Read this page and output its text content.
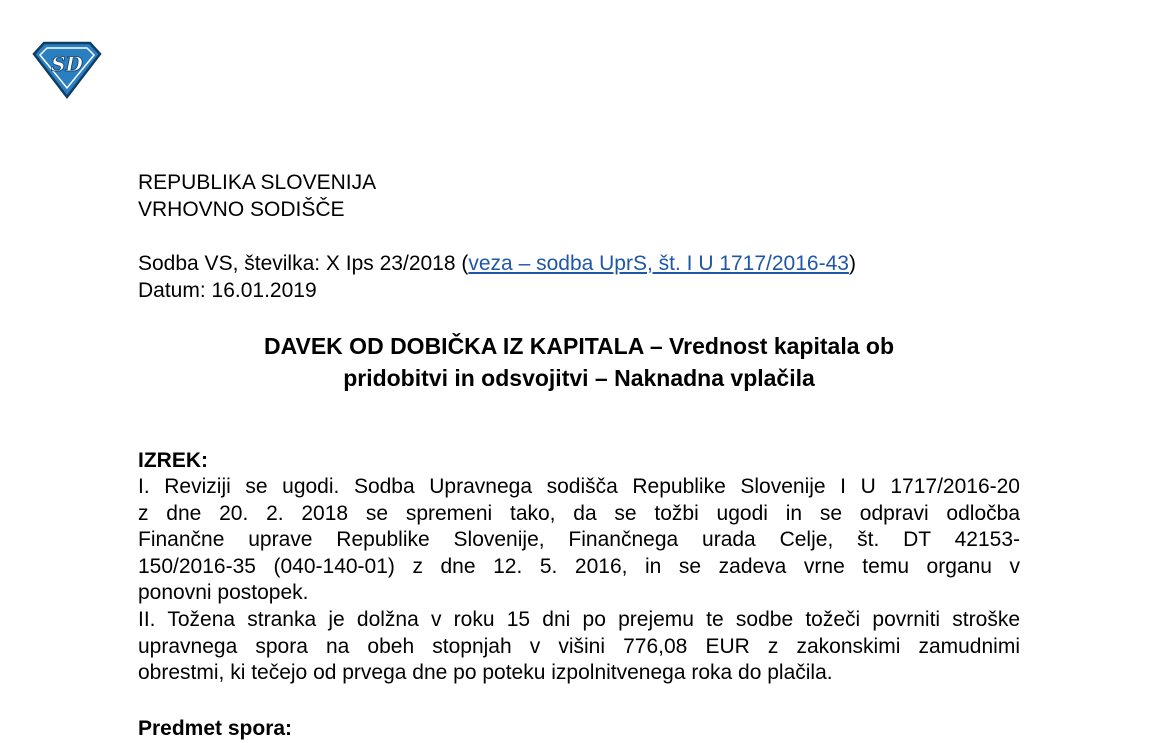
SD
REPUBLIKA SLOVENIJA
VRHOVNO SODIŠČE
Sodba VS, številka: X Ips 23/2018 (veza – sodba UprS, št. I U 1717/2016-43)
Datum: 16.01.2019
DAVEK OD DOBIČKA IZ KAPITALA – Vrednost kapitala ob
pridobitvi in odsvojitvi – Naknadna vplačila
IZREK:
I. Reviziji se ugodi. Sodba Upravnega sodišča Republike Slovenije I U 1717/2016-20
z dne 20. 2. 2018 se spremeni tako, da se tožbi ugodi in se odpravi odločba
Finančne uprave Republike Slovenije, Finančnega urada Celje, št. DT 42153-
150/2016-35 (040-140-01) z dne 12. 5. 2016, in se zadeva vrne temu organu v
ponovni postopek.
II. Tožena stranka je dolžna v roku 15 dni po prejemu te sodbe tožeči povrniti stroške
upravnega spora na obeh stopnjah v višini 776,08 EUR z zakonskimi zamudnimi
obrestmi, ki tečejo od prvega dne po poteku izpolnitvenega roka do plačila.
Predmet spora:
